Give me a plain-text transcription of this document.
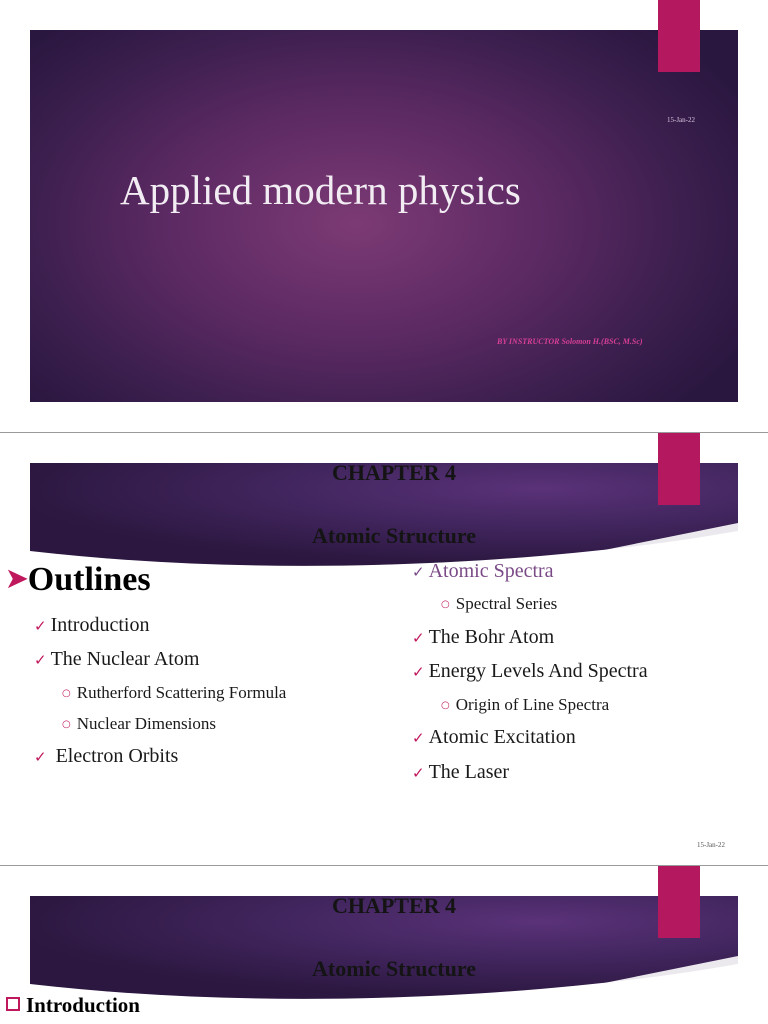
15-Jan-22
Applied modern physics
BY INSTRUCTOR Solomon H.(BSC, M.Sc)
CHAPTER 4
Atomic Structure
➤Outlines
✓ Introduction
✓ The Nuclear Atom
○ Rutherford Scattering Formula
○ Nuclear Dimensions
✓ Electron Orbits
✓ Atomic Spectra
○ Spectral Series
✓ The Bohr Atom
✓ Energy Levels And Spectra
○ Origin of Line Spectra
✓ Atomic Excitation
✓ The Laser
15-Jan-22
CHAPTER 4
Atomic Structure
Introduction
